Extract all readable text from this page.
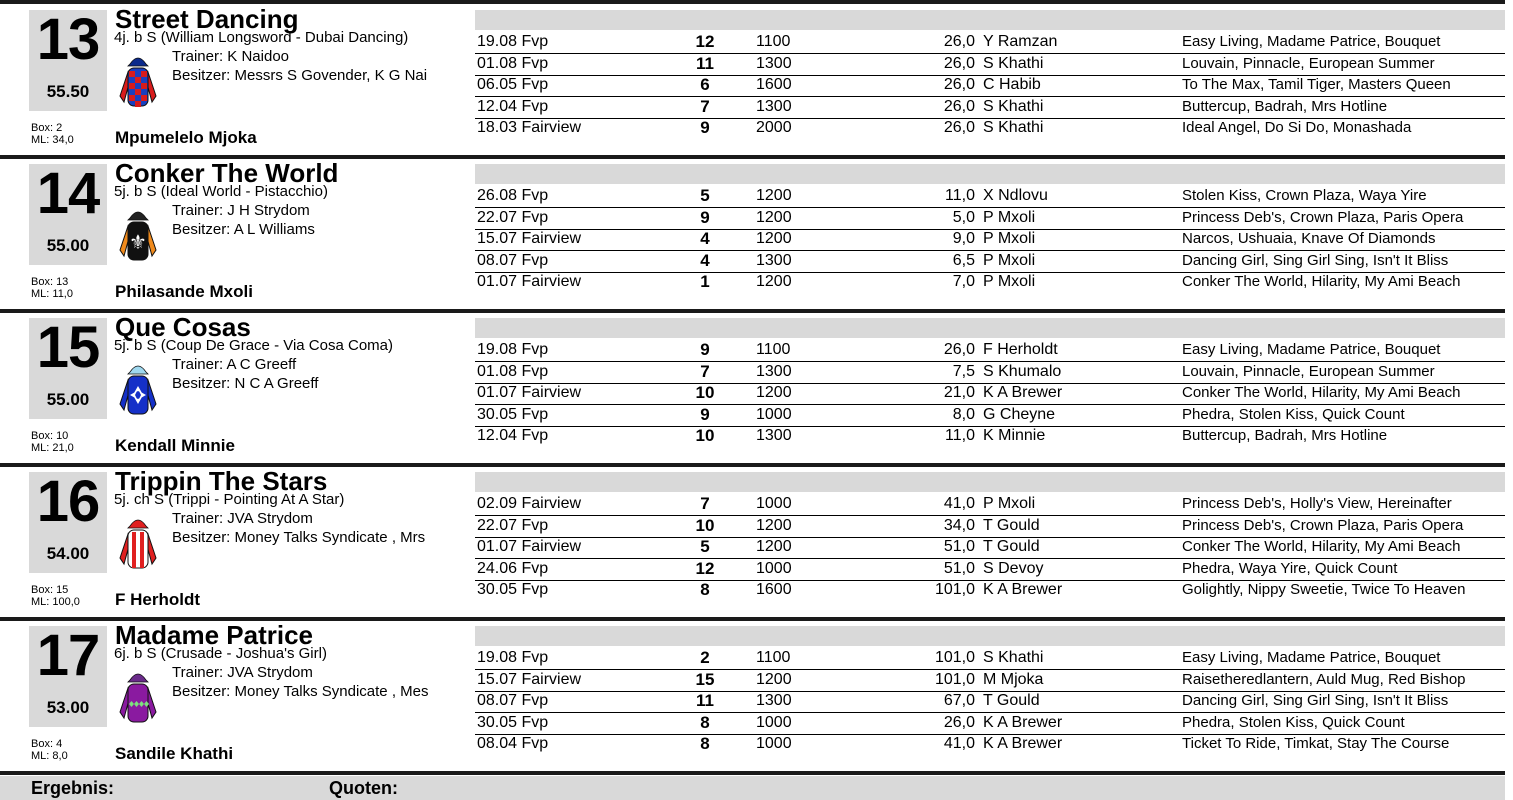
13
55.50
Street Dancing
4j. b S (William Longsword - Dubai Dancing)
Trainer: K Naidoo
Besitzer: Messrs S Govender, K G Nai
Box: 2
ML: 34,0 Mpumelelo Mjoka
19.08 Fvp	12	1100	26,0 Y Ramzan	Easy Living, Madame Patrice, Bouquet
01.08 Fvp	11	1300	26,0 S Khathi	Louvain, Pinnacle, European Summer
06.05 Fvp	6	1600	26,0 C Habib	To The Max, Tamil Tiger, Masters Queen
12.04 Fvp	7	1300	26,0 S Khathi	Buttercup, Badrah, Mrs Hotline
18.03 Fairview	9	2000	26,0 S Khathi	Ideal Angel, Do Si Do, Monashada
14
55.00
Conker The World
5j. b S (Ideal World - Pistacchio)
⚜
Trainer: J H Strydom
Besitzer: A L Williams
Box: 13
ML: 11,0 Philasande Mxoli
26.08 Fvp	5	1200	11,0 X Ndlovu	Stolen Kiss, Crown Plaza, Waya Yire
22.07 Fvp	9	1200	5,0 P Mxoli	Princess Deb's, Crown Plaza, Paris Opera
15.07 Fairview	4	1200	9,0 P Mxoli	Narcos, Ushuaia, Knave Of Diamonds
08.07 Fvp	4	1300	6,5 P Mxoli	Dancing Girl, Sing Girl Sing, Isn't It Bliss
01.07 Fairview	1	1200	7,0 P Mxoli	Conker The World, Hilarity, My Ami Beach
15
55.00
Que Cosas
5j. b S (Coup De Grace - Via Cosa Coma)
Trainer: A C Greeff
Besitzer: N C A Greeff
Box: 10
ML: 21,0 Kendall Minnie
19.08 Fvp	9	1100	26,0 F Herholdt	Easy Living, Madame Patrice, Bouquet
01.08 Fvp	7	1300	7,5 S Khumalo	Louvain, Pinnacle, European Summer
01.07 Fairview	10	1200	21,0 K A Brewer	Conker The World, Hilarity, My Ami Beach
30.05 Fvp	9	1000	8,0 G Cheyne	Phedra, Stolen Kiss, Quick Count
12.04 Fvp	10	1300	11,0 K Minnie	Buttercup, Badrah, Mrs Hotline
16
54.00
Trippin The Stars
5j. ch S (Trippi - Pointing At A Star)
Trainer: JVA Strydom
Besitzer: Money Talks Syndicate , Mrs
Box: 15
ML: 100,0 F Herholdt
02.09 Fairview	7	1000	41,0 P Mxoli	Princess Deb's, Holly's View, Hereinafter
22.07 Fvp	10	1200	34,0 T Gould	Princess Deb's, Crown Plaza, Paris Opera
01.07 Fairview	5	1200	51,0 T Gould	Conker The World, Hilarity, My Ami Beach
24.06 Fvp	12	1000	51,0 S Devoy	Phedra, Waya Yire, Quick Count
30.05 Fvp	8	1600	101,0 K A Brewer	Golightly, Nippy Sweetie, Twice To Heaven
17
53.00
Madame Patrice
6j. b S (Crusade - Joshua's Girl)
Trainer: JVA Strydom
Besitzer: Money Talks Syndicate , Mes
Box: 4
ML: 8,0	Sandile Khathi
19.08 Fvp	2	1100	101,0 S Khathi	Easy Living, Madame Patrice, Bouquet
15.07 Fairview	15	1200	101,0 M Mjoka	Raisetheredlantern, Auld Mug, Red Bishop
08.07 Fvp	11	1300	67,0 T Gould	Dancing Girl, Sing Girl Sing, Isn't It Bliss
30.05 Fvp	8	1000	26,0 K A Brewer	Phedra, Stolen Kiss, Quick Count
08.04 Fvp	8	1000	41,0 K A Brewer	Ticket To Ride, Timkat, Stay The Course
Ergebnis:	Quoten:
